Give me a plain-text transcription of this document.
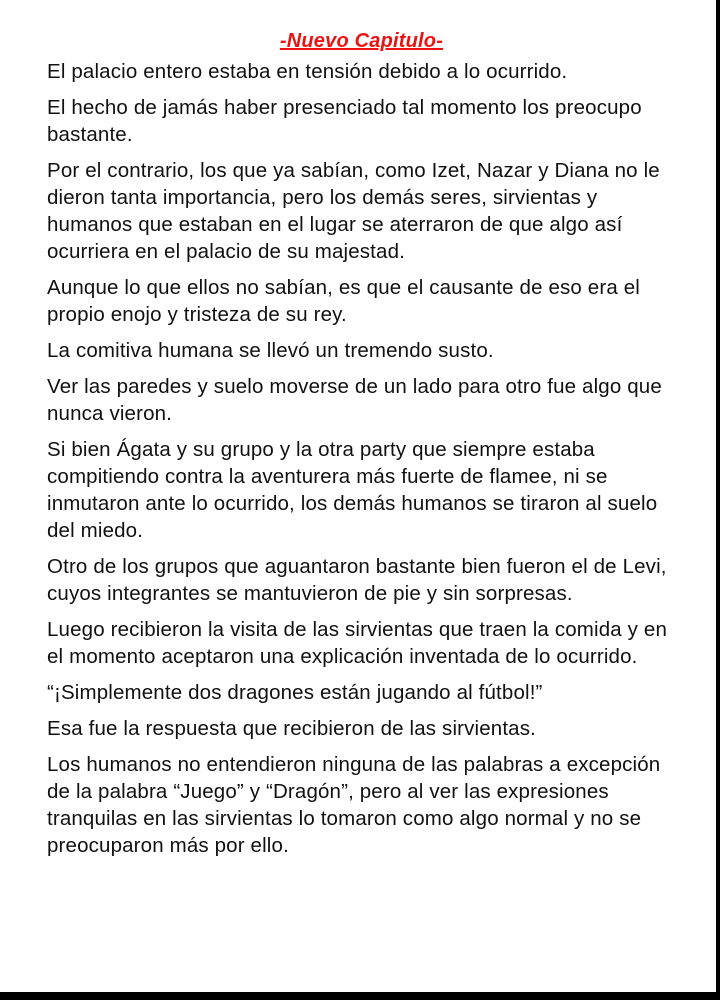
-Nuevo Capitulo-

El palacio entero estaba en tensión debido a lo ocurrido.

El hecho de jamás haber presenciado tal momento los preocupo bastante.

Por el contrario, los que ya sabían, como Izet, Nazar y Diana no le dieron tanta importancia, pero los demás seres, sirvientas y humanos que estaban en el lugar se aterraron de que algo así ocurriera en el palacio de su majestad.

Aunque lo que ellos no sabían, es que el causante de eso era el propio enojo y tristeza de su rey.

La comitiva humana se llevó un tremendo susto.

Ver las paredes y suelo moverse de un lado para otro fue algo que nunca vieron.

Si bien Ágata y su grupo y la otra party que siempre estaba compitiendo contra la aventurera más fuerte de flamee, ni se inmutaron ante lo ocurrido, los demás humanos se tiraron al suelo del miedo.

Otro de los grupos que aguantaron bastante bien fueron el de Levi, cuyos integrantes se mantuvieron de pie y sin sorpresas.

Luego recibieron la visita de las sirvientas que traen la comida y en el momento aceptaron una explicación inventada de lo ocurrido.

“¡Simplemente dos dragones están jugando al fútbol!”

Esa fue la respuesta que recibieron de las sirvientas.

Los humanos no entendieron ninguna de las palabras a excepción de la palabra “Juego” y “Dragón”, pero al ver las expresiones tranquilas en las sirvientas lo tomaron como algo normal y no se preocuparon más por ello.
